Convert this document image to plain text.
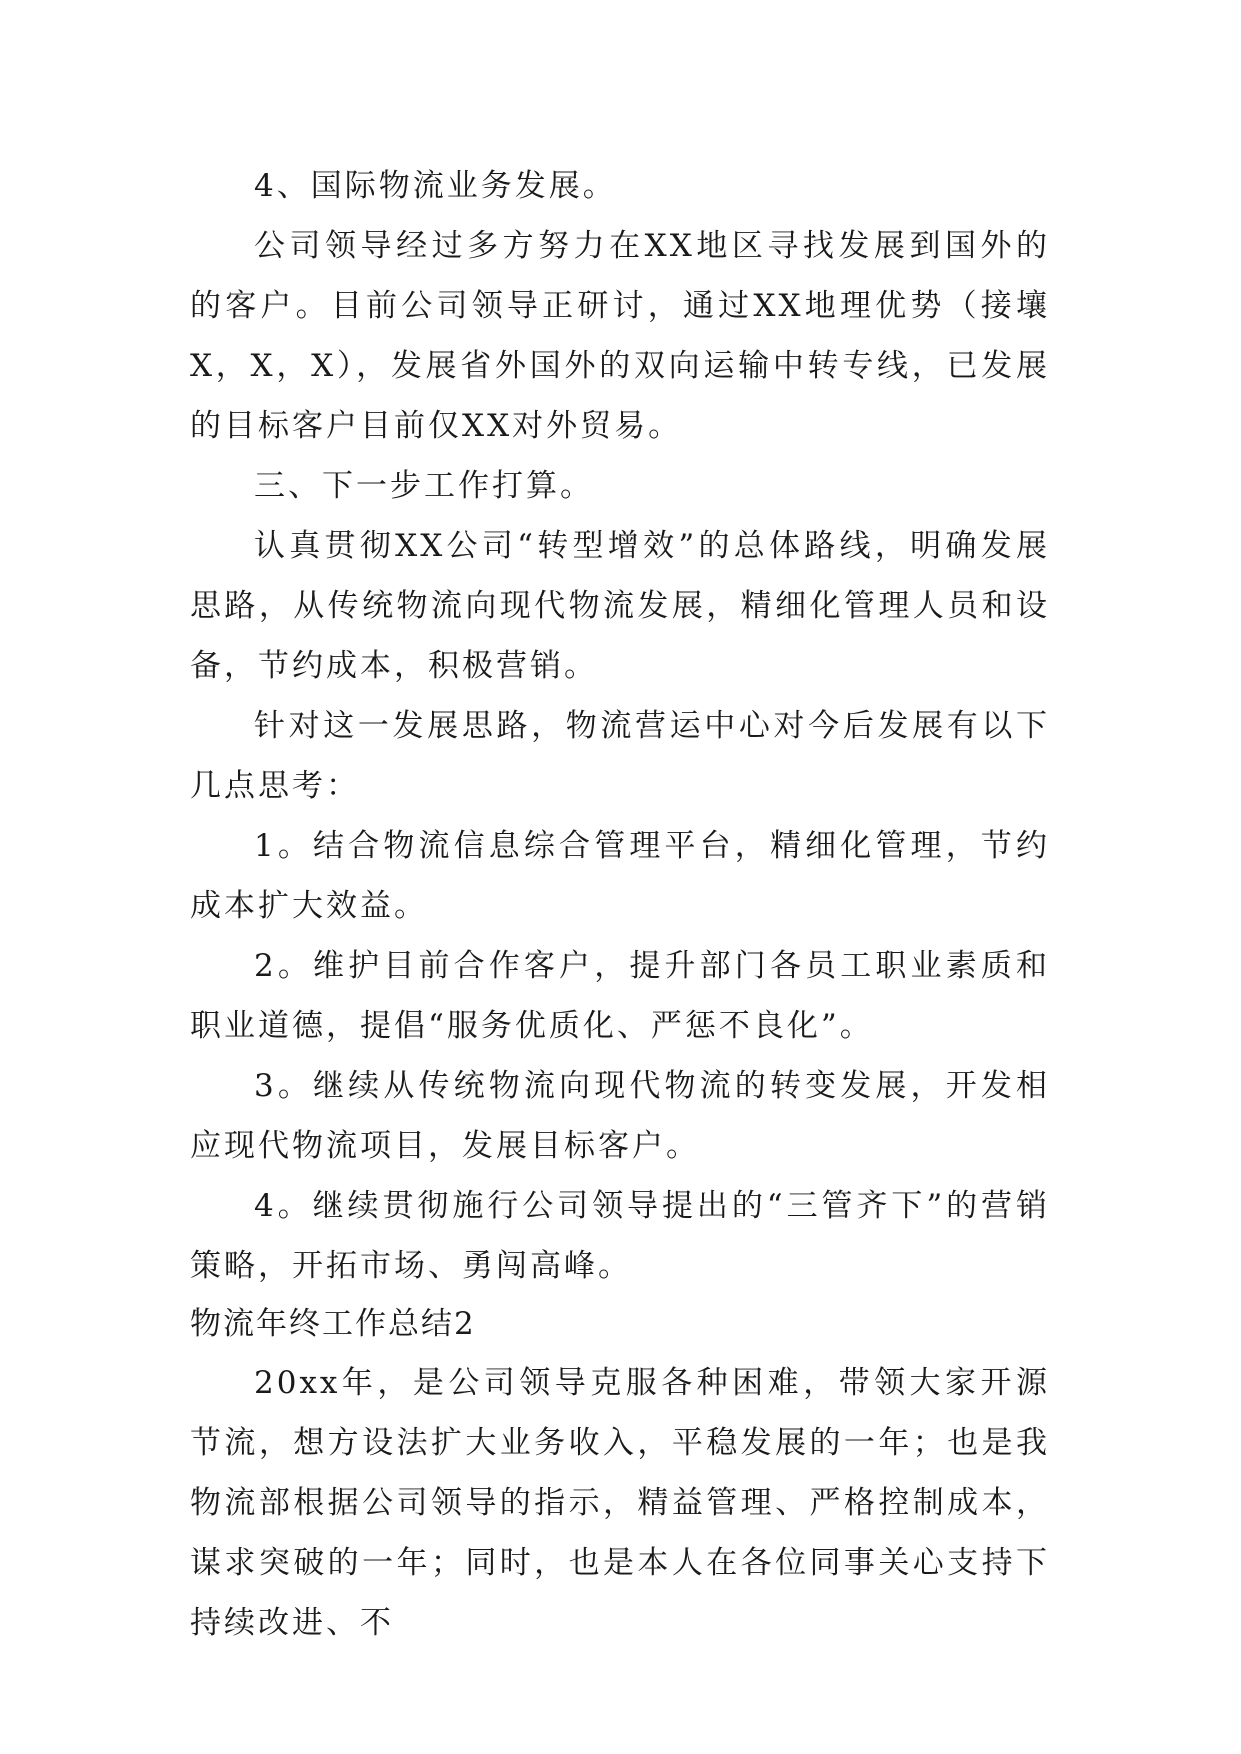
4、国际物流业务发展。

公司领导经过多方努力在XX地区寻找发展到国外的的客户。目前公司领导正研讨，通过XX地理优势（接壤X，X，X），发展省外国外的双向运输中转专线，已发展的目标客户目前仅XX对外贸易。

三、下一步工作打算。

认真贯彻XX公司“转型增效”的总体路线，明确发展思路，从传统物流向现代物流发展，精细化管理人员和设备，节约成本，积极营销。

针对这一发展思路，物流营运中心对今后发展有以下几点思考：

1。结合物流信息综合管理平台，精细化管理，节约成本扩大效益。

2。维护目前合作客户，提升部门各员工职业素质和职业道德，提倡“服务优质化、严惩不良化”。

3。继续从传统物流向现代物流的转变发展，开发相应现代物流项目，发展目标客户。

4。继续贯彻施行公司领导提出的“三管齐下”的营销策略，开拓市场、勇闯高峰。

物流年终工作总结2

20xx年，是公司领导克服各种困难，带领大家开源节流，想方设法扩大业务收入，平稳发展的一年；也是我物流部根据公司领导的指示，精益管理、严格控制成本，谋求突破的一年；同时，也是本人在各位同事关心支持下持续改进、不
